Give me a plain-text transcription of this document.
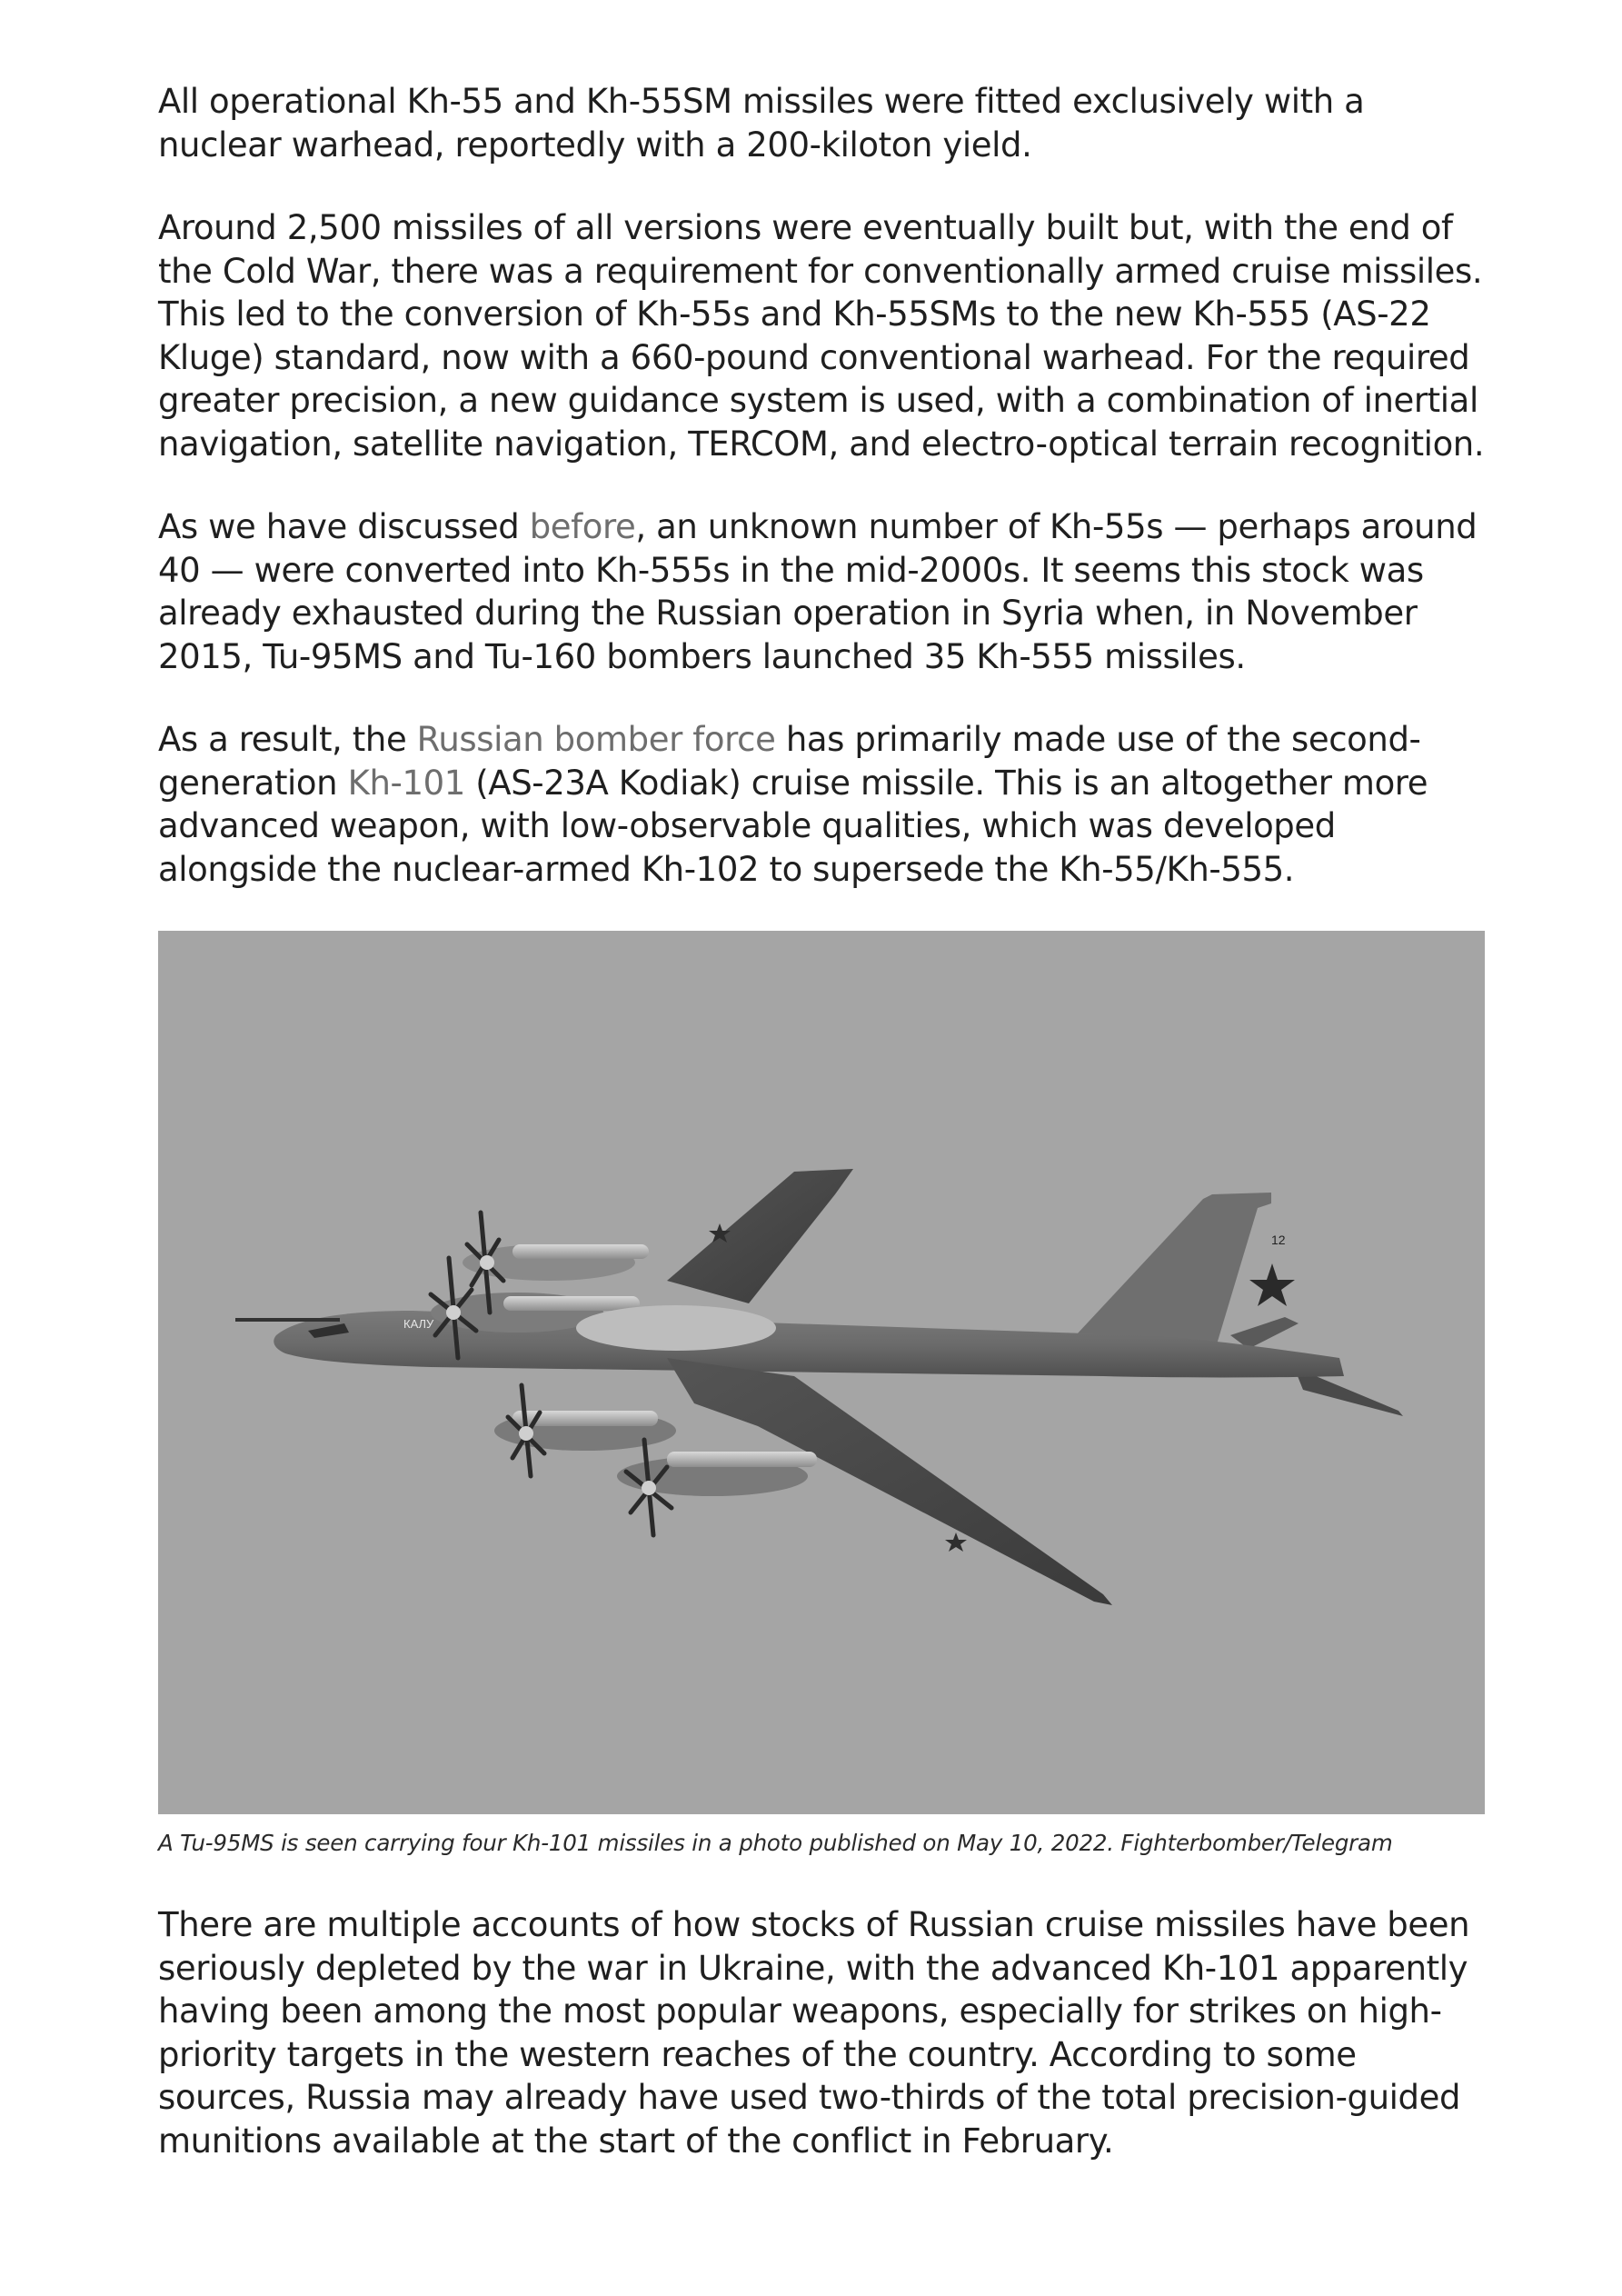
All operational Kh-55 and Kh-55SM missiles were fitted exclusively with a nuclear warhead, reportedly with a 200-kiloton yield.

Around 2,500 missiles of all versions were eventually built but, with the end of the Cold War, there was a requirement for conventionally armed cruise missiles. This led to the conversion of Kh-55s and Kh-55SMs to the new Kh-555 (AS-22 Kluge) standard, now with a 660-pound conventional warhead. For the required greater precision, a new guidance system is used, with a combination of inertial navigation, satellite navigation, TERCOM, and electro-optical terrain recognition.

As we have discussed before, an unknown number of Kh-55s — perhaps around 40 — were converted into Kh-555s in the mid-2000s. It seems this stock was already exhausted during the Russian operation in Syria when, in November 2015, Tu-95MS and Tu-160 bombers launched 35 Kh-555 missiles.

As a result, the Russian bomber force has primarily made use of the second-generation Kh-101 (AS-23A Kodiak) cruise missile. This is an altogether more advanced weapon, with low-observable qualities, which was developed alongside the nuclear-armed Kh-102 to supersede the Kh-55/Kh-555.

12
КАЛУ
A Tu-95MS is seen carrying four Kh-101 missiles in a photo published on May 10, 2022. Fighterbomber/Telegram

There are multiple accounts of how stocks of Russian cruise missiles have been seriously depleted by the war in Ukraine, with the advanced Kh-101 apparently having been among the most popular weapons, especially for strikes on high-priority targets in the western reaches of the country. According to some sources, Russia may already have used two-thirds of the total precision-guided munitions available at the start of the conflict in February.
